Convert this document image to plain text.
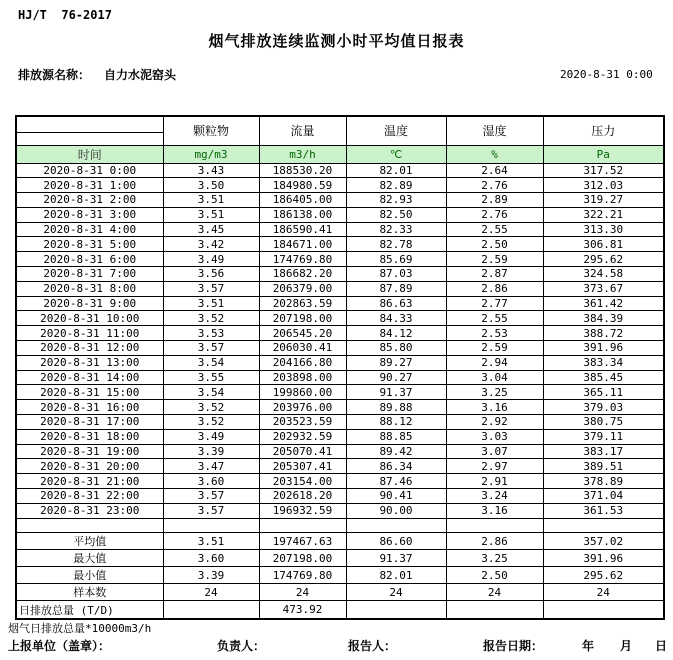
HJ/T  76-2017
烟气排放连续监测小时平均值日报表
排放源名称： 自力水泥窑头	2020-8-31 0:00
	颗粒物	流量	温度	湿度	压力

时间	mg/m3	m3/h	℃	%	Pa
2020-8-31 0:00	3.43	188530.20	82.01	2.64	317.52
2020-8-31 1:00	3.50	184980.59	82.89	2.76	312.03
2020-8-31 2:00	3.51	186405.00	82.93	2.89	319.27
2020-8-31 3:00	3.51	186138.00	82.50	2.76	322.21
2020-8-31 4:00	3.45	186590.41	82.33	2.55	313.30
2020-8-31 5:00	3.42	184671.00	82.78	2.50	306.81
2020-8-31 6:00	3.49	174769.80	85.69	2.59	295.62
2020-8-31 7:00	3.56	186682.20	87.03	2.87	324.58
2020-8-31 8:00	3.57	206379.00	87.89	2.86	373.67
2020-8-31 9:00	3.51	202863.59	86.63	2.77	361.42
2020-8-31 10:00	3.52	207198.00	84.33	2.55	384.39
2020-8-31 11:00	3.53	206545.20	84.12	2.53	388.72
2020-8-31 12:00	3.57	206030.41	85.80	2.59	391.96
2020-8-31 13:00	3.54	204166.80	89.27	2.94	383.34
2020-8-31 14:00	3.55	203898.00	90.27	3.04	385.45
2020-8-31 15:00	3.54	199860.00	91.37	3.25	365.11
2020-8-31 16:00	3.52	203976.00	89.88	3.16	379.03
2020-8-31 17:00	3.52	203523.59	88.12	2.92	380.75
2020-8-31 18:00	3.49	202932.59	88.85	3.03	379.11
2020-8-31 19:00	3.39	205070.41	89.42	3.07	383.17
2020-8-31 20:00	3.47	205307.41	86.34	2.97	389.51
2020-8-31 21:00	3.60	203154.00	87.46	2.91	378.89
2020-8-31 22:00	3.57	202618.20	90.41	3.24	371.04
2020-8-31 23:00	3.57	196932.59	90.00	3.16	361.53

平均值	3.51	197467.63	86.60	2.86	357.02
最大值	3.60	207198.00	91.37	3.25	391.96
最小值	3.39	174769.80	82.01	2.50	295.62
样本数	24	24	24	24	24
日排放总量 (T/D)		473.92			
烟气日排放总量*10000m3/h
上报单位（盖章）：	负责人：	报告人：	报告日期：	年 月 日
